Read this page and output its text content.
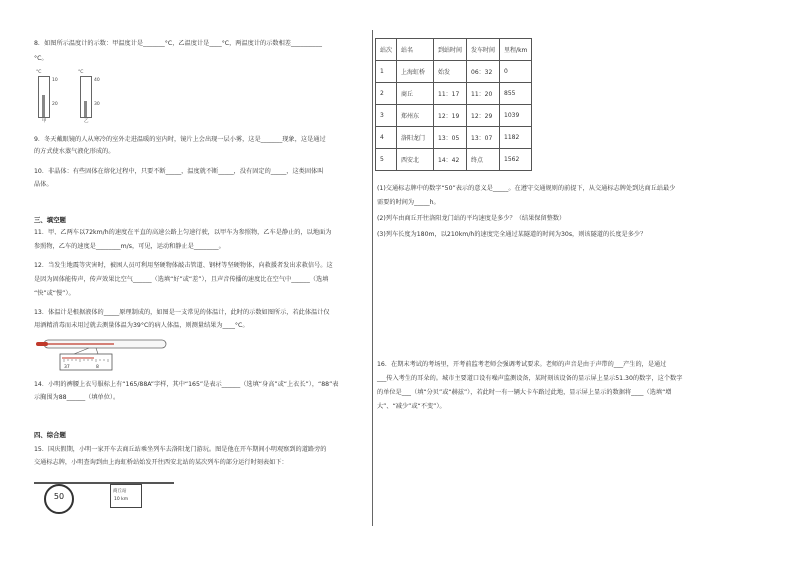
8．如图所示温度计的示数：甲温度计是_______°C，乙温度计是____°C，两温度计的示数相差__________
°C。
°C
10
20
甲
°C
40
30
乙
9．冬天戴眼镜的人从寒冷的室外走进温暖的室内时，镜片上会出现一层小雾，这是_______现象，这是通过
的方式使水蒸气液化形成的。
10．非晶体：有些固体在熔化过程中，只要不断_____，温度就不断_____，没有固定的_____，这类固体叫
晶体。
三、填空题
11．甲、乙两车以72km/h的速度在平直的高速公路上匀速行驶，以甲车为参照物，乙车是静止的，以地面为
参照物，乙车的速度是________m/s，可见，运动和静止是________。
12．当发生地震等灾害时，被困人员可利用坚硬物体敲击管道、钢材等坚硬物体，向救援者发出求救信号。这
是因为固体能传声，传声效果比空气______（选填“好”或“差”），且声音传播的速度比在空气中______（选填
“快”或“慢”）。
13．体温计是根据液体的_____原理制成的，如图是一支常见的体温计，此时的示数如图所示，若此体温计仅
用酒精消毒而未用过就去测量体温为39°C的病人体温，则测量结果为____°C。
37	8
14．小明的裤腰上衣号服标上有“165/88A”字样，其中“165”是表示______（选填“身高”或“上衣长”），“88”表
示胸围为88______（填单位）。
四、综合题
15．国庆假期，小明一家开车去商丘站乘坐列车去洛阳龙门游玩。图是他在开车期间小明观察到的道路旁的
交通标志牌，小明查询到由上海虹桥站始发开往西安北站的某次列车的部分运行时刻表如下：
50
商丘站
10 km
站次	站名	到站时间	发车时间	里程/km
1	上海虹桥	始发	06：32	0
2	商丘	11：17	11：20	855
3	郑州东	12：19	12：29	1039
4	洛阳龙门	13：05	13：07	1182
5	西安北	14：42	终点	1562
(1)交通标志牌中的数字“50”表示的意义是_____。在遵守交通规则的前提下，从交通标志牌处到达商丘站最少
需要的时间为_____h。
(2)列车由商丘开往洛阳龙门站的平均速度是多少？（结果保留整数）
(3)列车长度为180m，以210km/h的速度完全通过某隧道的时间为30s，则该隧道的长度是多少？
16．在期末考试的考场里，开考前监考老师会强调考试要求。老师的声音是由于声带的___产生的，是通过
___传入考生的耳朵的。城市主要道口设有噪声监测设备，某时刻该设备的显示屏上显示51.30的数字，这个数字
的单位是___（填“分贝”或“赫兹”），若此时一有一辆大卡车路过此地，显示屏上显示的数据将____（选填“增
大”、“减少”或“不变”）。
